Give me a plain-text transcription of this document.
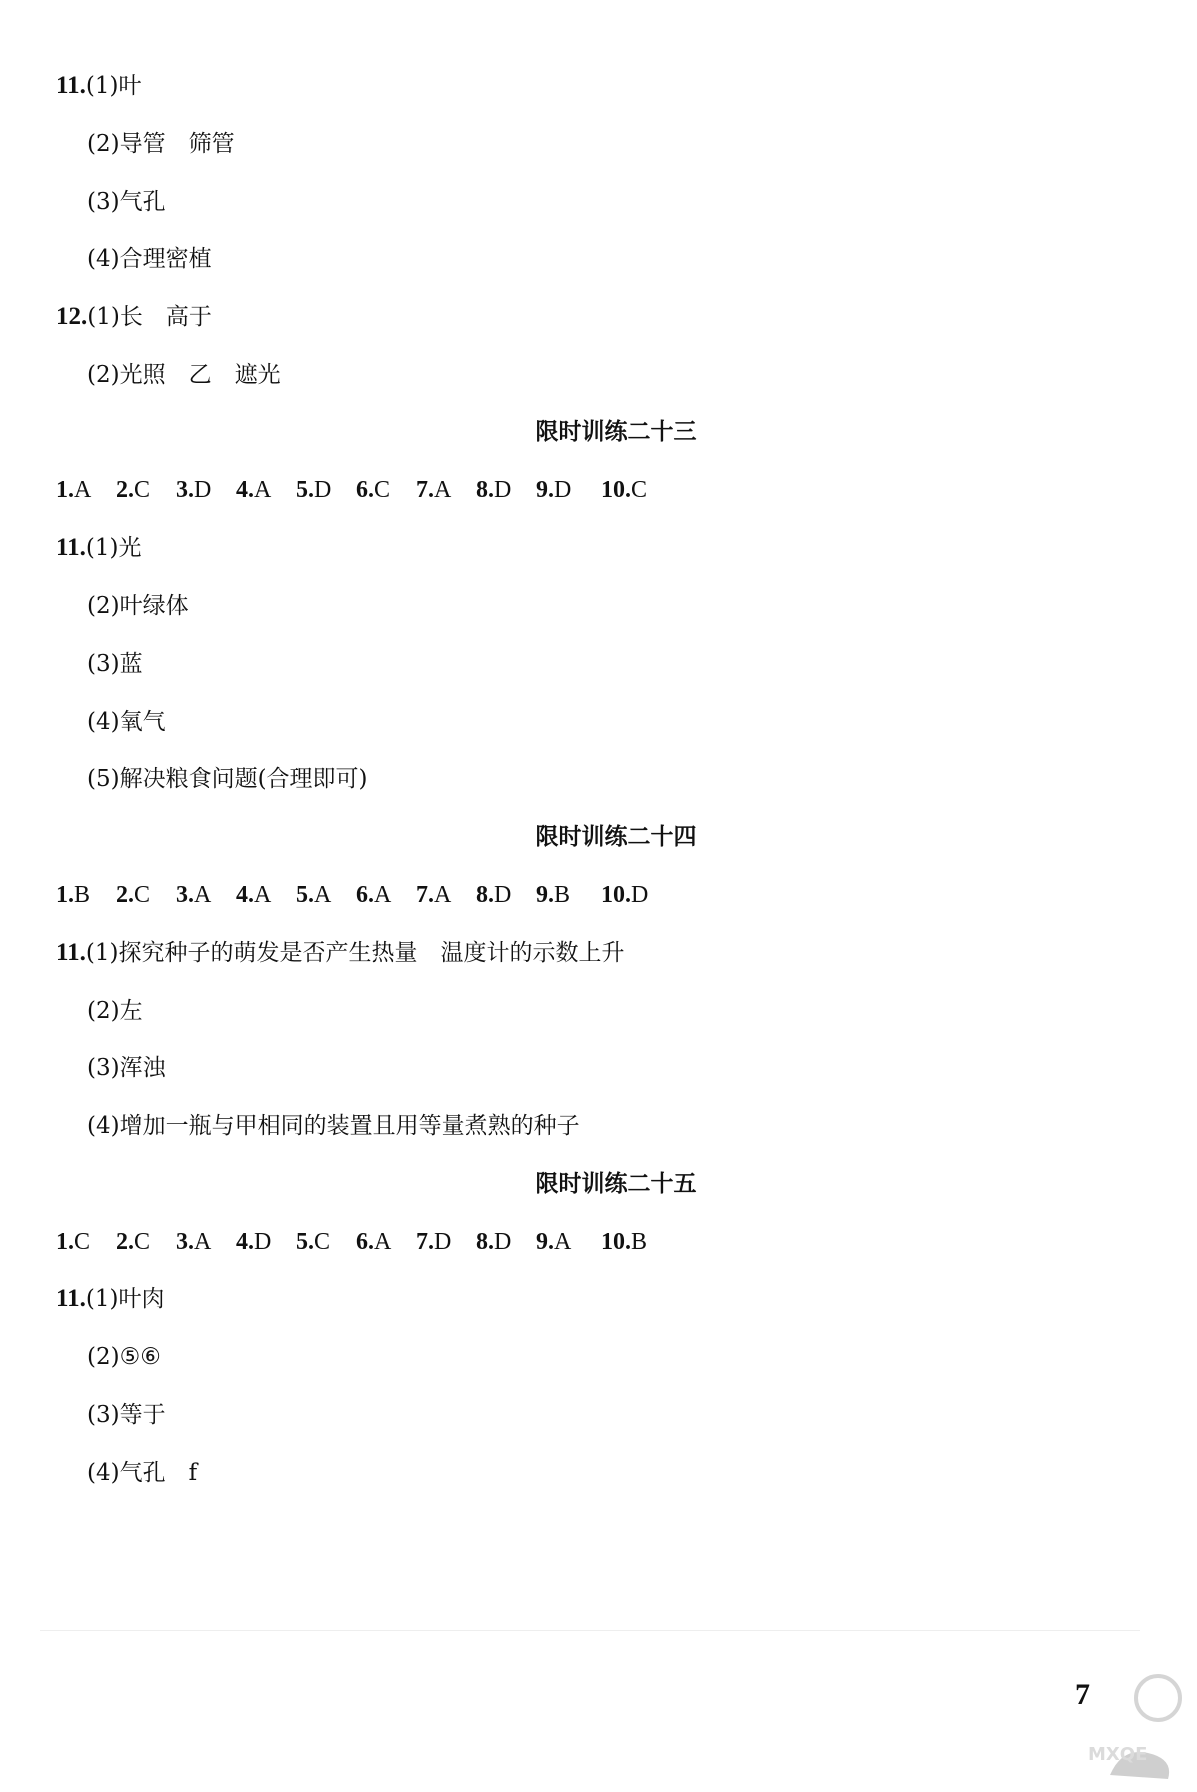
11.(1)叶
(2)导管　筛管
(3)气孔
(4)合理密植
12.(1)长　高于
(2)光照　乙　遮光
限时训练二十三
1.A 2.C 3.D 4.A 5.D 6.C 7.A 8.D 9.D 10.C
11.(1)光
(2)叶绿体
(3)蓝
(4)氧气
(5)解决粮食问题(合理即可)
限时训练二十四
1.B 2.C 3.A 4.A 5.A 6.A 7.A 8.D 9.B 10.D
11.(1)探究种子的萌发是否产生热量　温度计的示数上升
(2)左
(3)浑浊
(4)增加一瓶与甲相同的装置且用等量煮熟的种子
限时训练二十五
1.C 2.C 3.A 4.D 5.C 6.A 7.D 8.D 9.A 10.B
11.(1)叶肉
(2)⑤⑥
(3)等于
(4)气孔　f
7
MXQE
